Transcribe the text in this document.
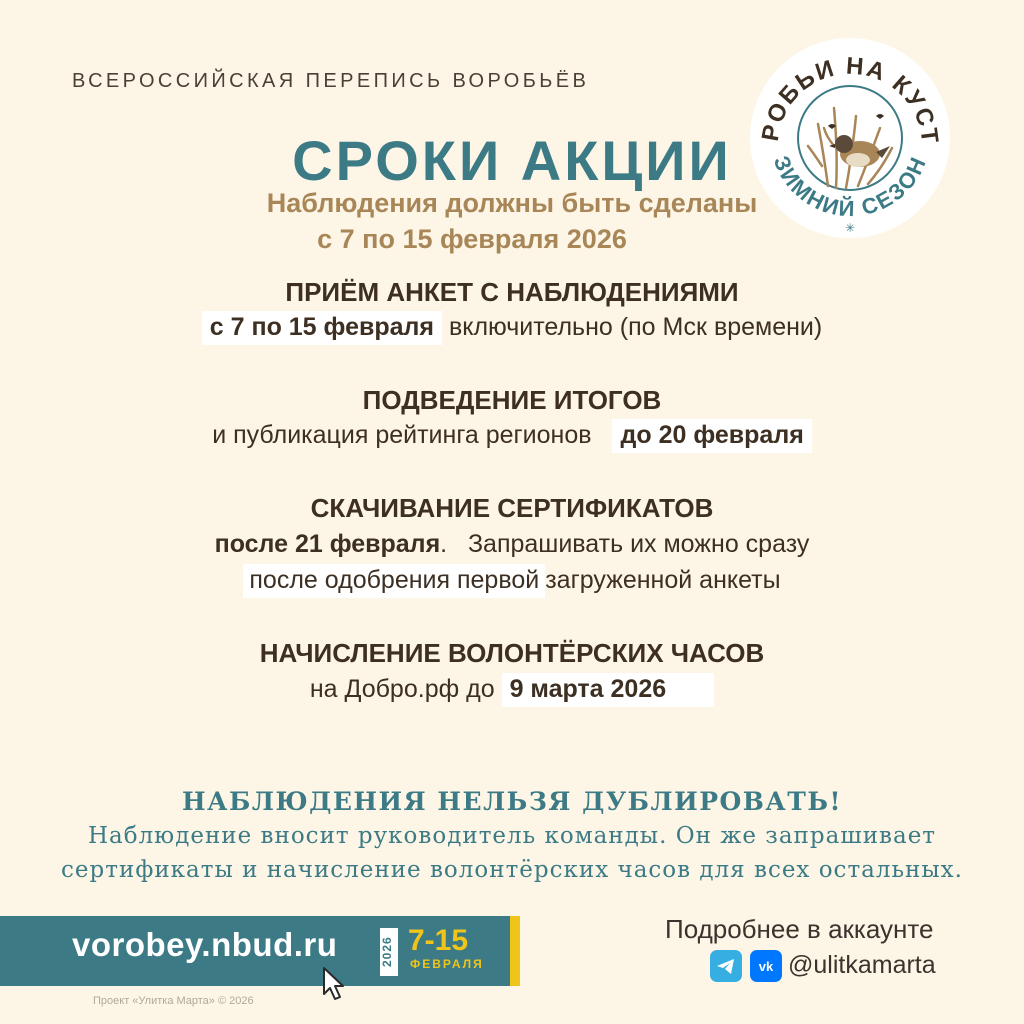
ВСЕРОССИЙСКАЯ ПЕРЕПИСЬ ВОРОБЬЁВ
СРОКИ АКЦИИ
Наблюдения должны быть сделаны
с 7 по 15 февраля 2026
РОБЬИ НА КУСТ
ЗИМНИЙ СЕЗОН
✳
ПРИЁМ АНКЕТ С НАБЛЮДЕНИЯМИ
с 7 по 15 февраля включительно (по Мск времени)
ПОДВЕДЕНИЕ ИТОГОВ
и публикация рейтинга регионов до 20 февраля
СКАЧИВАНИЕ СЕРТИФИКАТОВ
после 21 февраля.   Запрашивать их можно сразу
после одобрения первой загруженной анкеты
НАЧИСЛЕНИЕ ВОЛОНТЁРСКИХ ЧАСОВ
на Добро.рф до 9 марта 2026
НАБЛЮДЕНИЯ НЕЛЬЗЯ ДУБЛИРОВАТЬ!
Наблюдение вносит руководитель команды. Он же запрашивает
сертификаты и начисление волонтёрских часов для всех остальных.
vorobey.nbud.ru	2026 7-15
ФЕВРАЛЯ
Проект «Улитка Марта» © 2026
Подробнее в аккаунте
vk @ulitkamarta
